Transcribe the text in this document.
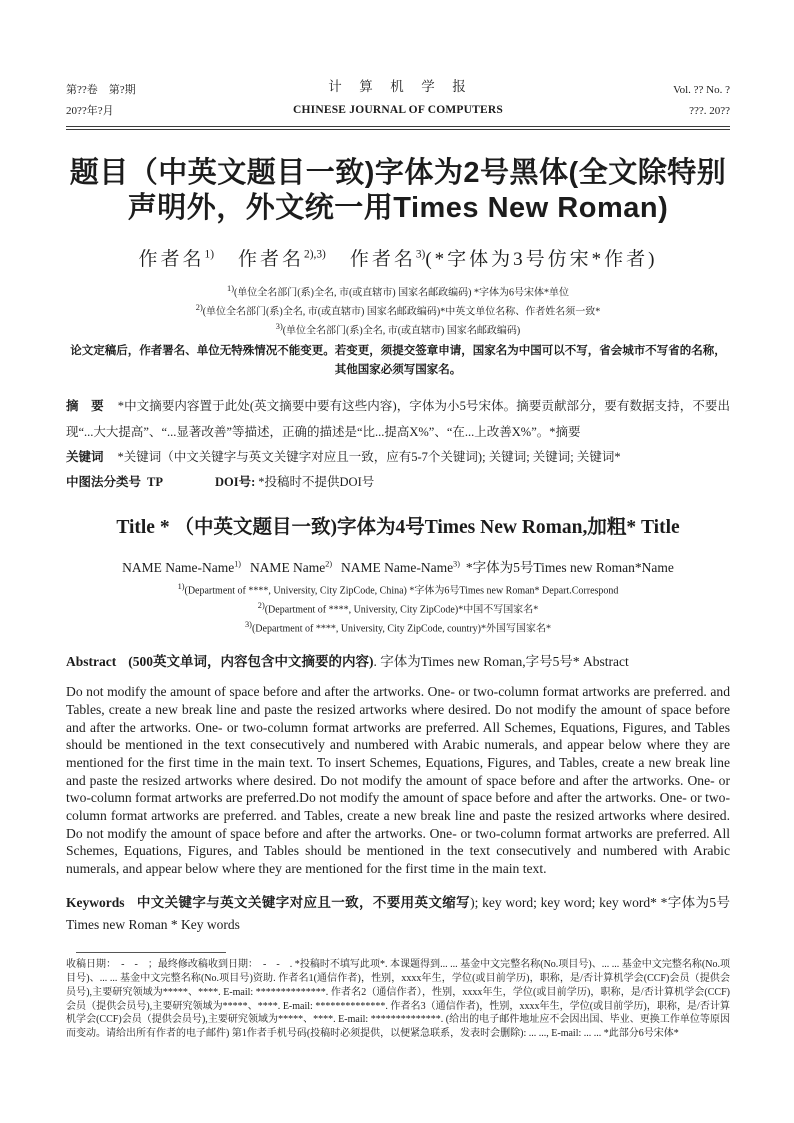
第??卷　第?期
20??年?月
计　算　机　学　报
CHINESE JOURNAL OF COMPUTERS
Vol. ?? No. ?
???. 20??
题目（中英文题目一致)字体为2号黑体(全文除特别声明外，外文统一用Times New Roman)
作者名$^{1)}$ 作者名$^{2),3)}$ 作者名$^{3)}$(*字体为3号仿宋*作者)
$^{1)}$(单位全名部门(系)全名, 市(或直辖市) 国家名邮政编码) *字体为6号宋体*单位
$^{2)}$(单位全名部门(系)全名, 市(或直辖市) 国家名邮政编码)*中英文单位名称、作者姓名须一致*
$^{3)}$(单位全名部门(系)全名, 市(或直辖市) 国家名邮政编码)
论文定稿后，作者署名、单位无特殊情况不能变更。若变更，须提交签章申请，国家名为中国可以不写，省会城市不写省的名称，其他国家必须写国家名。

摘　要 *中文摘要内容置于此处(英文摘要中要有这些内容)，字体为小5号宋体。摘要贡献部分，要有数据支持，不要出现“...大大提高”、“...显著改善”等描述，正确的描述是“比...提高X%”、“在...上改善X%”。*摘要

关键词 *关键词（中文关键字与英文关键字对应且一致，应有5-7个关键词); 关键词; 关键词; 关键词*

中图法分类号 TP	DOI号: *投稿时不提供DOI号

Title * （中英文题目一致)字体为4号Times New Roman,加粗* Title
NAME Name-Name$^{1)}$ NAME Name$^{2)}$ NAME Name-Name$^{3)}$ *字体为5号Times new Roman*Name
$^{1)}$(Department of ****, University, City ZipCode, China) *字体为6号Times new Roman* Depart.Correspond
$^{2)}$(Department of ****, University, City ZipCode)*中国不写国家名*
$^{3)}$(Department of ****, University, City ZipCode, country)*外国写国家名*

Abstract (500英文单词，内容包含中文摘要的内容). 字体为Times new Roman,字号5号* Abstract

Do not modify the amount of space before and after the artworks. One- or two-column format artworks are preferred. and Tables, create a new break line and paste the resized artworks where desired. Do not modify the amount of space before and after the artworks. One- or two-column format artworks are preferred. All Schemes, Equations, Figures, and Tables should be mentioned in the text consecutively and numbered with Arabic numerals, and appear below where they are mentioned for the first time in the main text. To insert Schemes, Equations, Figures, and Tables, create a new break line and paste the resized artworks where desired. Do not modify the amount of space before and after the artworks. One- or two-column format artworks are preferred.Do not modify the amount of space before and after the artworks. One- or two-column format artworks are preferred. and Tables, create a new break line and paste the resized artworks where desired. Do not modify the amount of space before and after the artworks. One- or two-column format artworks are preferred. All Schemes, Equations, Figures, and Tables should be mentioned in the text consecutively and numbered with Arabic numerals, and appear below where they are mentioned for the first time in the main text.

Keywords 中文关键字与英文关键字对应且一致，不要用英文缩写); key word; key word; key word* *字体为5号Times new Roman * Key words

收稿日期：　-　-　；最终修改稿收到日期：　-　-　. *投稿时不填写此项*. 本课题得到... ... 基金中文完整名称(No.项目号)、... ... 基金中文完整名称(No.项目号)、... ... 基金中文完整名称(No.项目号)资助. 作者名1(通信作者)，性别，xxxx年生，学位(或目前学历)，职称，是/否计算机学会(CCF)会员（提供会员号),主要研究领域为*****、****. E-mail: **************. 作者名2（通信作者），性别，xxxx年生，学位(或目前学历)，职称，是/否计算机学会(CCF)会员（提供会员号),主要研究领域为*****、****. E-mail: **************. 作者名3（通信作者)，性别，xxxx年生，学位(或目前学历)，职称，是/否计算机学会(CCF)会员（提供会员号),主要研究领域为*****、****. E-mail: **************. (给出的电子邮件地址应不会因出国、毕业、更换工作单位等原因而变动。请给出所有作者的电子邮件) 第1作者手机号码(投稿时必须提供，以便紧急联系，发表时会删除): ... ..., E-mail: ... ... *此部分6号宋体*
